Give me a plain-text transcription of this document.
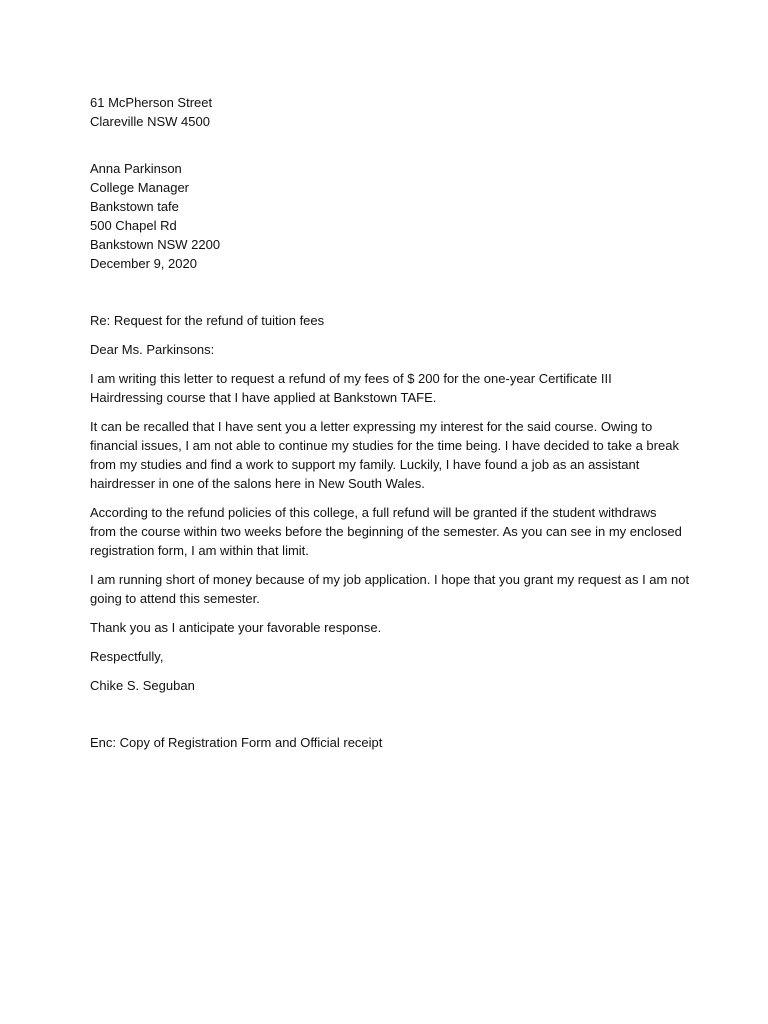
61 McPherson Street
Clareville NSW 4500
Anna Parkinson
College Manager
Bankstown tafe
500 Chapel Rd
Bankstown NSW 2200
December 9, 2020
Re: Request for the refund of tuition fees
Dear Ms. Parkinsons:
I am writing this letter to request a refund of my fees of $ 200 for the one-year Certificate III
Hairdressing course that I have applied at Bankstown TAFE.
It can be recalled that I have sent you a letter expressing my interest for the said course. Owing to
financial issues, I am not able to continue my studies for the time being. I have decided to take a break
from my studies and find a work to support my family. Luckily, I have found a job as an assistant
hairdresser in one of the salons here in New South Wales.
According to the refund policies of this college, a full refund will be granted if the student withdraws
from the course within two weeks before the beginning of the semester. As you can see in my enclosed
registration form, I am within that limit.
I am running short of money because of my job application. I hope that you grant my request as I am not
going to attend this semester.
Thank you as I anticipate your favorable response.
Respectfully,
Chike S. Seguban
Enc: Copy of Registration Form and Official receipt
